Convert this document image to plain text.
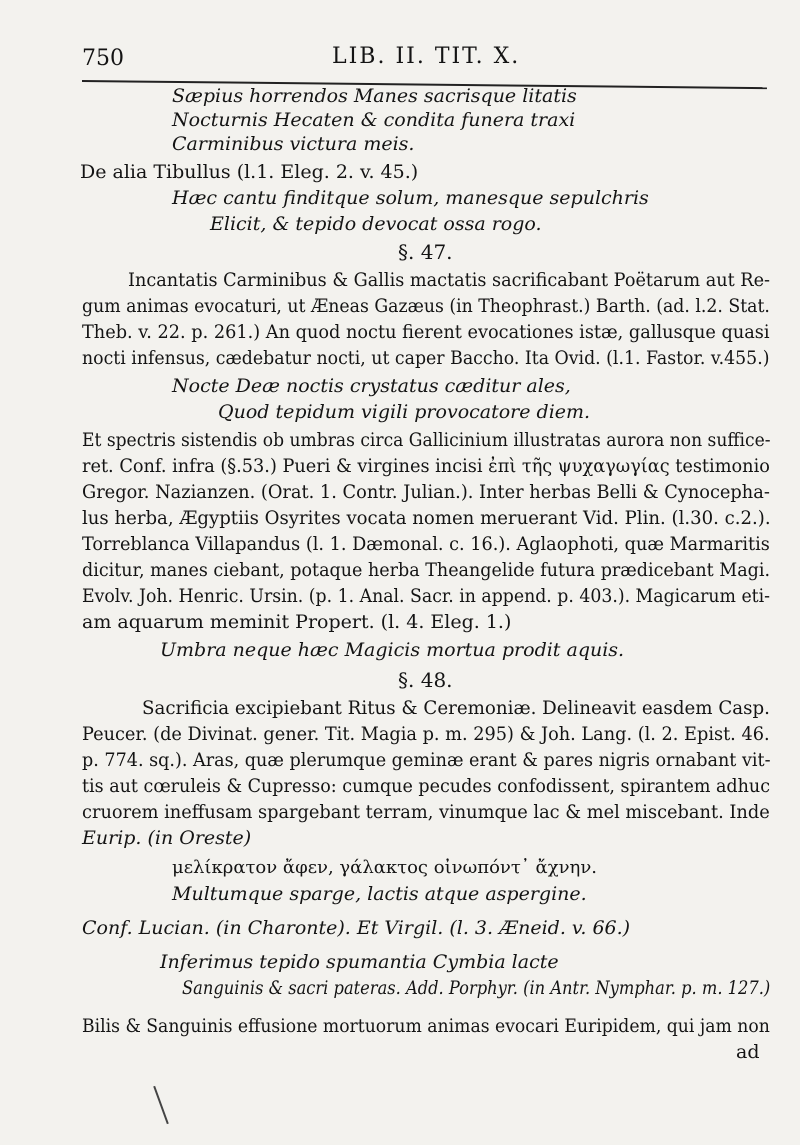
750	LIB. II. TIT. X.
Sæpius horrendos Manes sacrisque litatis
Nocturnis Hecaten & condita funera traxi
Carminibus victura meis.
De alia Tibullus (l.1. Eleg. 2. v. 45.)
Hæc cantu finditque solum, manesque sepulchris
Elicit, & tepido devocat ossa rogo.
§. 47.
Incantatis Carminibus & Gallis mactatis sacrificabant Poëtarum aut Re-
gum animas evocaturi, ut Æneas Gazæus (in Theophrast.) Barth. (ad. l.2. Stat.
Theb. v. 22. p. 261.) An quod noctu fierent evocationes istæ, gallusque quasi
nocti infensus, cædebatur nocti, ut caper Baccho. Ita Ovid. (l.1. Fastor. v.455.)
Nocte Deæ noctis crystatus cæditur ales,
Quod tepidum vigili provocatore diem.
Et spectris sistendis ob umbras circa Gallicinium illustratas aurora non suffice-
ret. Conf. infra (§.53.) Pueri & virgines incisi ἐπὶ τῆς ψυχαγωγίας testimonio
Gregor. Nazianzen. (Orat. 1. Contr. Julian.). Inter herbas Belli & Cynocepha-
lus herba, Ægyptiis Osyrites vocata nomen meruerant Vid. Plin. (l.30. c.2.).
Torreblanca Villapandus (l. 1. Dæmonal. c. 16.). Aglaophoti, quæ Marmaritis
dicitur, manes ciebant, potaque herba Theangelide futura prædicebant Magi.
Evolv. Joh. Henric. Ursin. (p. 1. Anal. Sacr. in append. p. 403.). Magicarum eti-
am aquarum meminit Propert. (l. 4. Eleg. 1.)
Umbra neque hæc Magicis mortua prodit aquis.
§. 48.
Sacrificia excipiebant Ritus & Ceremoniæ. Delineavit easdem Casp.
Peucer. (de Divinat. gener. Tit. Magia p. m. 295) & Joh. Lang. (l. 2. Epist. 46.
p. 774. sq.). Aras, quæ plerumque geminæ erant & pares nigris ornabant vit-
tis aut cœruleis & Cupresso: cumque pecudes confodissent, spirantem adhuc
cruorem ineffusam spargebant terram, vinumque lac & mel miscebant. Inde
Eurip. (in Oreste)
μελίκρατον ἄφεν, γάλακτος οἰνωπόντ᾽ ἄχνην.
Multumque sparge, lactis atque aspergine.
Conf. Lucian. (in Charonte). Et Virgil. (l. 3. Æneid. v. 66.)
Inferimus tepido spumantia Cymbia lacte
Sanguinis & sacri pateras. Add. Porphyr. (in Antr. Nymphar. p. m. 127.)
Bilis & Sanguinis effusione mortuorum animas evocari Euripidem, qui jam non
ad
